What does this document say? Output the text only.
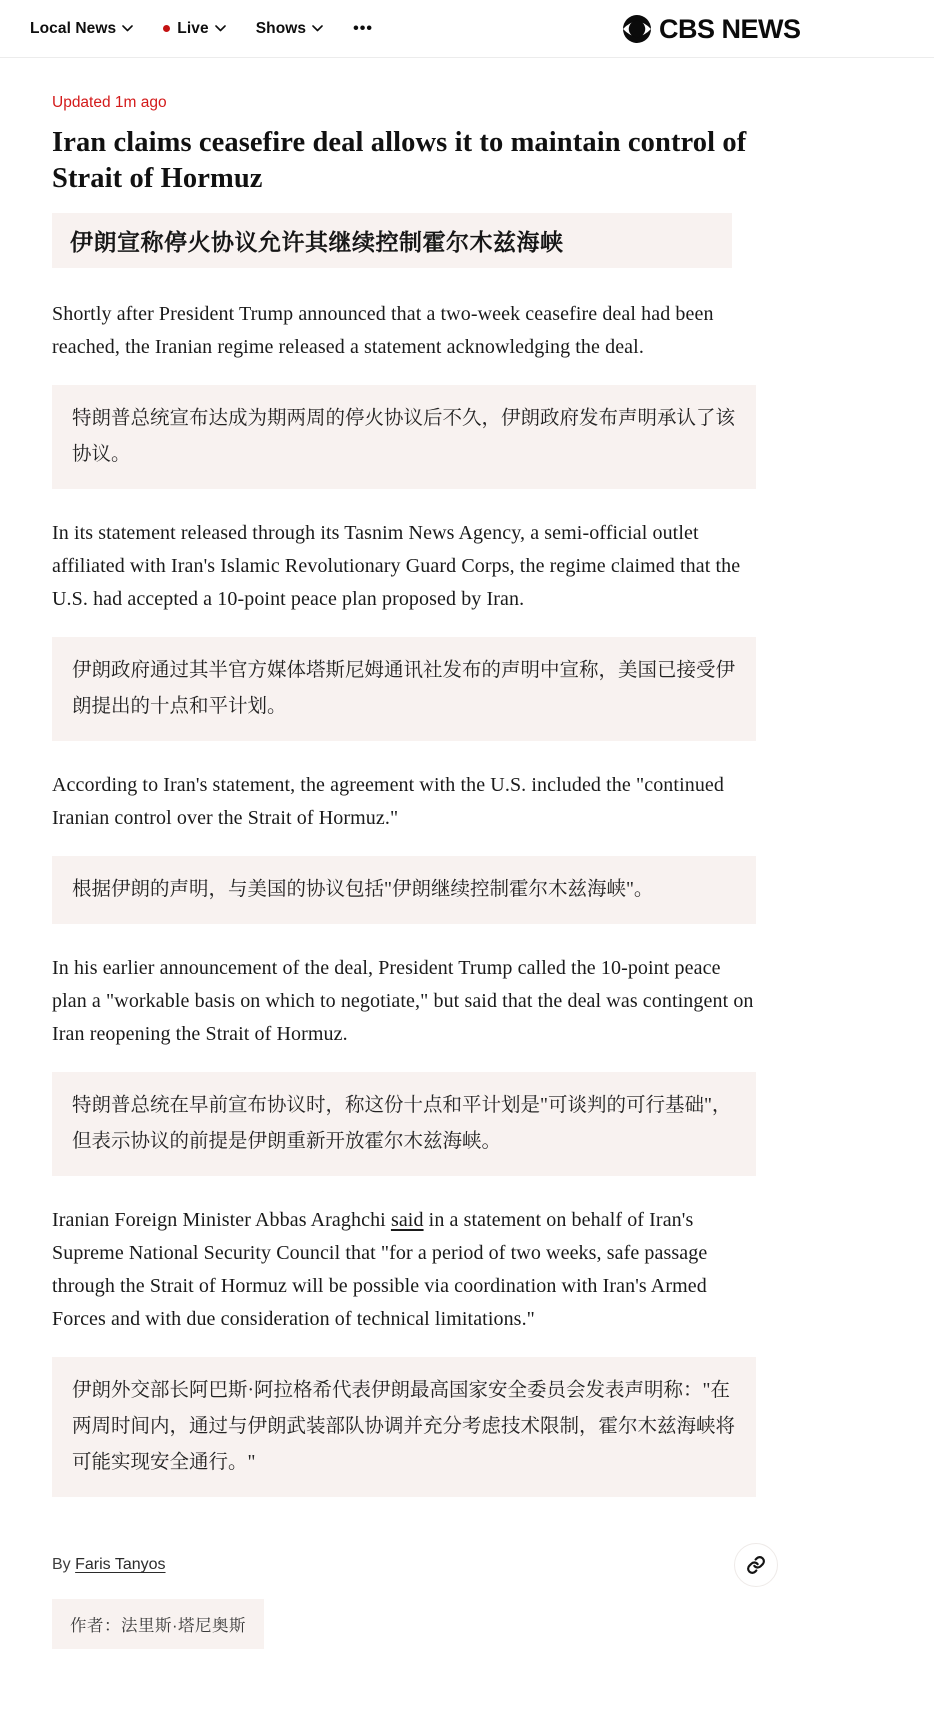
Local News	Live	Shows	•••	CBS NEWS
Updated 1m ago
Iran claims ceasefire deal allows it to maintain control of Strait of Hormuz
伊朗宣称停火协议允许其继续控制霍尔木兹海峡

Shortly after President Trump announced that a two-week ceasefire deal had been reached, the Iranian regime released a statement acknowledging the deal.

特朗普总统宣布达成为期两周的停火协议后不久，伊朗政府发布声明承认了该协议。

In its statement released through its Tasnim News Agency, a semi-official outlet affiliated with Iran's Islamic Revolutionary Guard Corps, the regime claimed that the U.S. had accepted a 10-point peace plan proposed by Iran.

伊朗政府通过其半官方媒体塔斯尼姆通讯社发布的声明中宣称，美国已接受伊朗提出的十点和平计划。

According to Iran's statement, the agreement with the U.S. included the "continued Iranian control over the Strait of Hormuz."

根据伊朗的声明，与美国的协议包括"伊朗继续控制霍尔木兹海峡"。

In his earlier announcement of the deal, President Trump called the 10-point peace plan a "workable basis on which to negotiate," but said that the deal was contingent on Iran reopening the Strait of Hormuz.

特朗普总统在早前宣布协议时，称这份十点和平计划是"可谈判的可行基础"，但表示协议的前提是伊朗重新开放霍尔木兹海峡。

Iranian Foreign Minister Abbas Araghchi said in a statement on behalf of Iran's Supreme National Security Council that "for a period of two weeks, safe passage through the Strait of Hormuz will be possible via coordination with Iran's Armed Forces and with due consideration of technical limitations."

伊朗外交部长阿巴斯·阿拉格希代表伊朗最高国家安全委员会发表声明称："在两周时间内，通过与伊朗武装部队协调并充分考虑技术限制，霍尔木兹海峡将可能实现安全通行。"
By Faris Tanyos
作者：法里斯·塔尼奥斯
